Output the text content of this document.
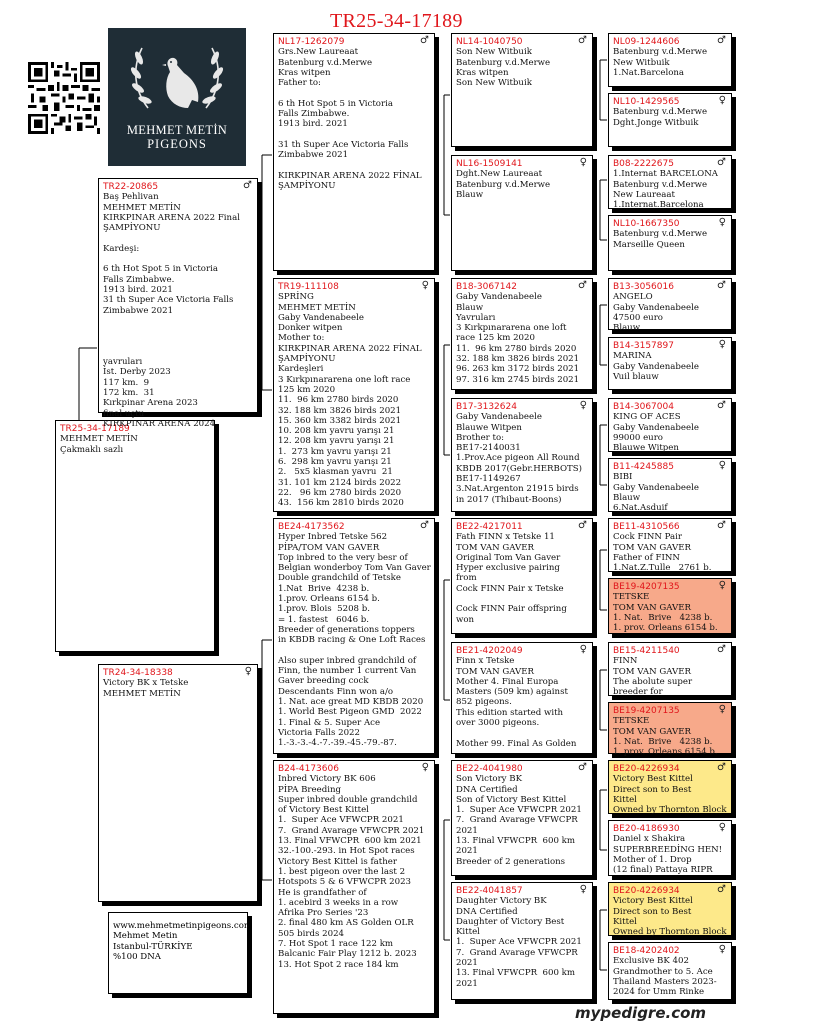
TR25-34-17189
MEHMET METİN
PIGEONS
TR25-34-17189
MEHMET METİN
Çakmaklı sazlı
TR22-20865	♂
Baş Pehlivan
MEHMET METİN
KIRKPINAR ARENA 2022 Final
ŞAMPİYONU

Kardeşi:

6 th Hot Spot 5 in Victoria
Falls Zimbabwe.
1913 bird. 2021
31 th Super Ace Victoria Falls
Zimbabwe 2021

yavruları
İst. Derby 2023
117 km.  9
172 km.  31
Kırkpinar Arena 2023
final uçtu
KIRKPINAR ARENA 2024
TR24-34-18338	♀
Victory BK x Tetske
MEHMET METİN
NL17-1262079	♂
Grs.New Laureaat
Batenburg v.d.Merwe
Kras witpen
Father to:

6 th Hot Spot 5 in Victoria
Falls Zimbabwe.
1913 bird. 2021

31 th Super Ace Victoria Falls
Zimbabwe 2021

KIRKPINAR ARENA 2022 FİNAL
ŞAMPİYONU
TR19-111108	♀
SPRİNG
MEHMET METİN
Gaby Vandenabeele
Donker witpen
Mother to:
KIRKPINAR ARENA 2022 FİNAL
ŞAMPİYONU
Kardeşleri
3 Kırkpınararena one loft race
125 km 2020
11.  96 km 2780 birds 2020
32. 188 km 3826 birds 2021
15. 360 km 3382 birds 2021
10. 208 km yavru yarışı 21
12. 208 km yavru yarışı 21
1.  273 km yavru yarışı 21
6.  298 km yavru yarışı 21
2.   5x5 klasman yavru  21
31. 101 km 2124 birds 2022
22.   96 km 2780 birds 2020
43.  156 km 2810 birds 2020
BE24-4173562	♂
Hyper Inbred Tetske 562
PİPA/TOM VAN GAVER
Top inbred to the very besr of
Belgian wonderboy Tom Van Gaver
Double grandchild of Tetske
1.Nat  Brive  4238 b.
1.prov. Orleans 6154 b.
1.prov. Blois  5208 b.
= 1. fastest   6046 b.
Breeder of generations toppers
in KBDB racing & One Loft Races

Also super inbred grandchild of
Finn, the number 1 current Van
Gaver breeding cock
Descendants Finn won a/o
1. Nat. ace great MD KBDB 2020
1. World Best Pigeon GMD  2022
1. Final & 5. Super Ace
Victoria Falls 2022
1.-3.-3.-4.-7.-39.-45.-79.-87.
B24-4173606	♀
Inbred Victory BK 606
PİPA Breeding
Super inbred double grandchild
of Victory Best Kittel
1.  Super Ace VFWCPR 2021
7.  Grand Avarage VFWCPR 2021
13. Final VFWCPR  600 km 2021
32.-100.-293. in Hot Spot races
Victory Best Kittel is father
1. best pigeon over the last 2
Hotspots 5 & 6 VFWCPR 2023
He is grandfather of
1. acebird 3 weeks in a row
Afrika Pro Series '23
2. final 480 km AS Golden OLR
505 birds 2024
7. Hot Spot 1 race 122 km
Balcanic Fair Play 1212 b. 2023
13. Hot Spot 2 race 184 km
NL14-1040750	♂
Son New Witbuik
Batenburg v.d.Merwe
Kras witpen
Son New Witbuik
NL16-1509141	♀
Dght.New Laureaat
Batenburg v.d.Merwe
Blauw
B18-3067142	♂
Gaby Vandenabeele
Blauw
Yavruları
3 Kırkpınararena one loft
race 125 km 2020
11.  96 km 2780 birds 2020
32. 188 km 3826 birds 2021
96. 263 km 3172 birds 2021
97. 316 km 2745 birds 2021
B17-3132624	♀
Gaby Vandenabeele
Blauwe Witpen
Brother to:
BE17-2140031
1.Prov.Ace pigeon All Round
KBDB 2017(Gebr.HERBOTS)
BE17-1149267
3.Nat.Argenton 21915 birds
in 2017 (Thibaut-Boons)
BE22-4217011	♂
Fath FINN x Tetske 11
TOM VAN GAVER
Original Tom Van Gaver
Hyper exclusive pairing
from
Cock FINN Pair x Tetske

Cock FINN Pair offspring
won
BE21-4202049	♀
Finn x Tetske
TOM VAN GAVER
Mother 4. Final Europa
Masters (509 km) against
852 pigeons.
This edition started with
over 3000 pigeons.

Mother 99. Final As Golden
BE22-4041980	♂
Son Victory BK
DNA Certified
Son of Victory Best Kittel
1.  Super Ace VFWCPR 2021
7.  Grand Avarage VFWCPR
2021
13. Final VFWCPR  600 km
2021
Breeder of 2 generations
BE22-4041857	♀
Daughter Victory BK
DNA Certified
Daughter of Victory Best
Kittel
1.  Super Ace VFWCPR 2021
7.  Grand Avarage VFWCPR
2021
13. Final VFWCPR  600 km
2021
NL09-1244606	♂
Batenburg v.d.Merwe
New Witbuik
1.Nat.Barcelona
NL10-1429565	♀
Batenburg v.d.Merwe
Dght.Jonge Witbuik
B08-2222675	♂
1.Internat BARCELONA
Batenburg v.d.Merwe
New Laureaat
1.Internat.Barcelona
NL10-1667350	♀
Batenburg v.d.Merwe
Marseille Queen
B13-3056016	♂
ANGELO
Gaby Vandenabeele
47500 euro
Blauw
B14-3157897	♀
MARINA
Gaby Vandenabeele
Vuil blauw
B14-3067004	♂
KING OF ACES
Gaby Vandenabeele
99000 euro
Blauwe Witpen
B11-4245885	♀
BIBI
Gaby Vandenabeele
Blauw
6.Nat.Asduif
BE11-4310566	♂
Cock FINN Pair
TOM VAN GAVER
Father of FINN
1.Nat.Z.Tulle   2761 b.
BE19-4207135	♀
TETSKE
TOM VAN GAVER
1. Nat.  Brive   4238 b.
1. prov. Orleans 6154 b.
BE15-4211540	♂
FINN
TOM VAN GAVER
The abolute super
breeder for
BE19-4207135	♀
TETSKE
TOM VAN GAVER
1. Nat.  Brive   4238 b.
1. prov. Orleans 6154 b.
BE20-4226934	♂
Victory Best Kittel
Direct son to Best
Kittel
Owned by Thornton Block
BE20-4186930	♀
Daniel x Shakira
SUPERBREEDİNG HEN!
Mother of 1. Drop
(12 final) Pattaya RIPR
BE20-4226934	♂
Victory Best Kittel
Direct son to Best
Kittel
Owned by Thornton Block
BE18-4202402	♀
Exclusive BK 402
Grandmother to 5. Ace
Thailand Masters 2023-
2024 for Umm Rinke
www.mehmetmetinpigeons.com
Mehmet Metin
Istanbul-TÜRKİYE
%100 DNA
mypedigre.com
